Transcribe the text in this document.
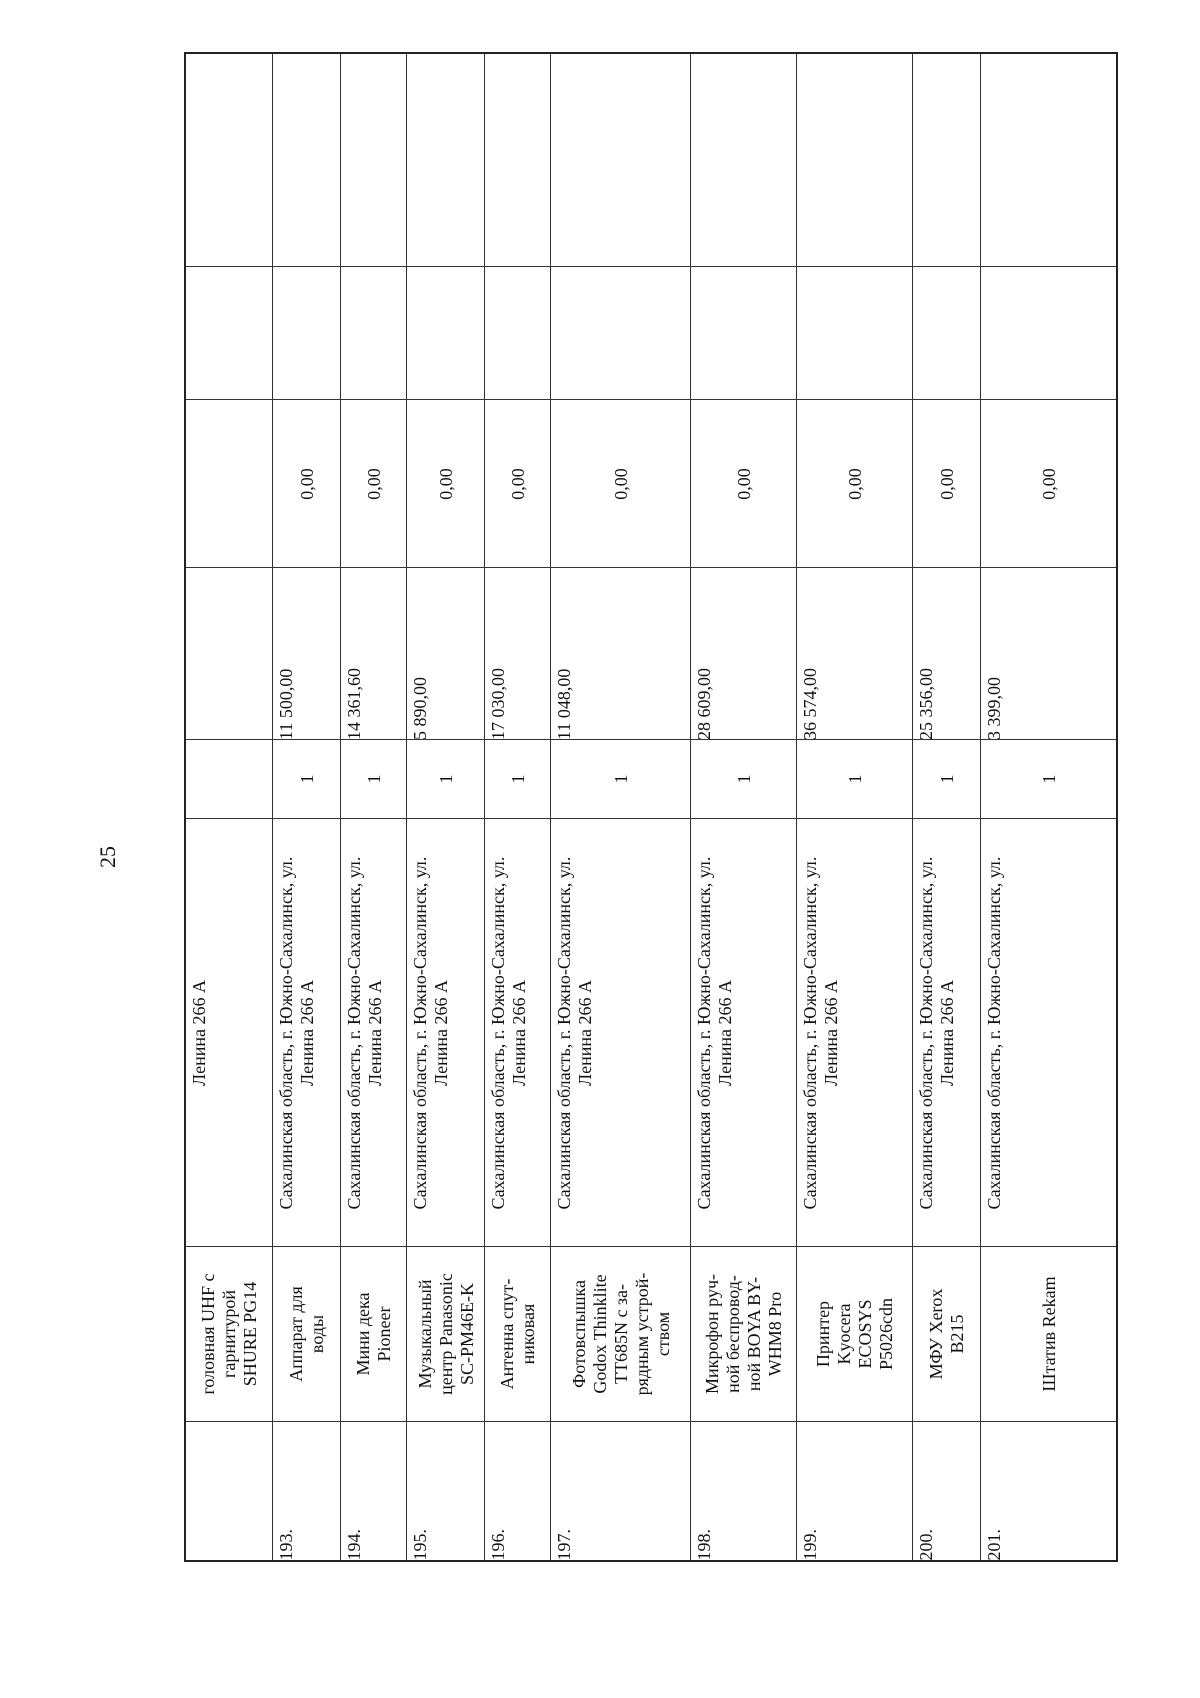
25
Ленина 266 А
головная UHF с гарнитурой SHURE PG14
0,00
11 500,00
1
Сахалинская область, г. Южно-Сахалинск, ул. Ленина 266 А
Аппарат для воды
193.
0,00
14 361,60
1
Сахалинская область, г. Южно-Сахалинск, ул. Ленина 266 А
Мини дека Pioneer
194.
0,00
5 890,00
1
Сахалинская область, г. Южно-Сахалинск, ул. Ленина 266 А
Музыкальный центр Panasonic SC-PM46E-K
195.
0,00
17 030,00
1
Сахалинская область, г. Южно-Сахалинск, ул. Ленина 266 А
Антенна спут- никовая
196.
0,00
11 048,00
1
Сахалинская область, г. Южно-Сахалинск, ул. Ленина 266 А
Фотовспышка Godox Thinklite TT685N с за- рядным устрой- ством
197.
0,00
28 609,00
1
Сахалинская область, г. Южно-Сахалинск, ул. Ленина 266 А
Микрофон руч- ной беспровод- ной BOYA BY- WHM8 Pro
198.
0,00
36 574,00
1
Сахалинская область, г. Южно-Сахалинск, ул. Ленина 266 А
Принтер Kyocera ECOSYS P5026cdn
199.
0,00
25 356,00
1
Сахалинская область, г. Южно-Сахалинск, ул. Ленина 266 А
МФУ Xerox B215
200.
0,00
3 399,00
1
Сахалинская область, г. Южно-Сахалинск, ул.
Штатив Rekam
201.
